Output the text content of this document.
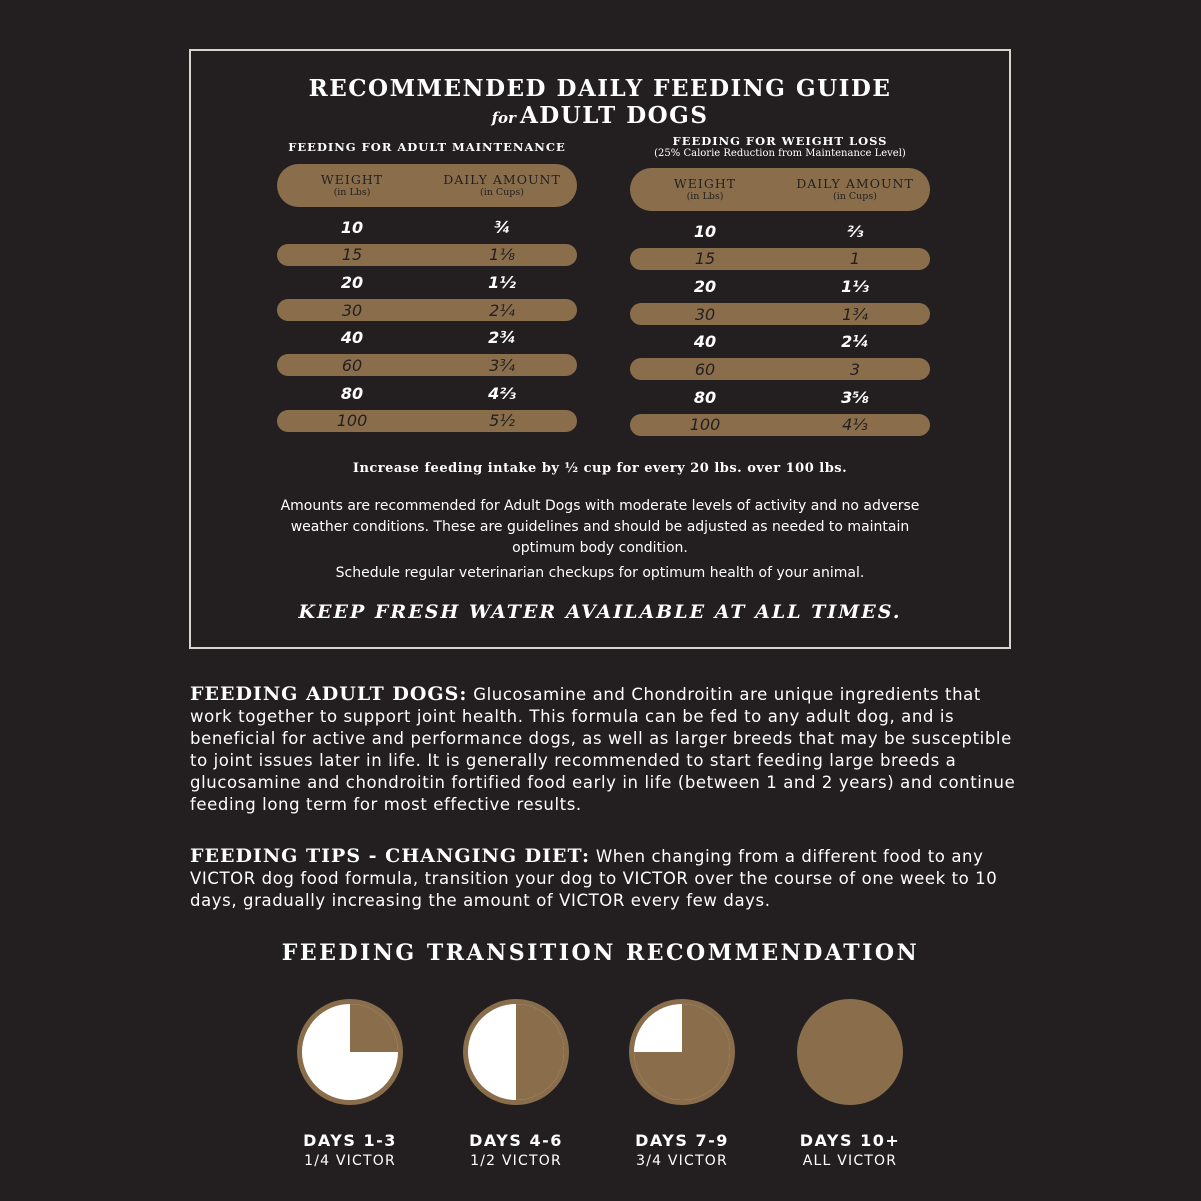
RECOMMENDED DAILY FEEDING GUIDE
for ADULT DOGS
FEEDING FOR ADULT MAINTENANCE
WEIGHT
(in Lbs)
DAILY AMOUNT
(in Cups)
10	¾
15	1⅛
20	1½
30	2¼
40	2¾
60	3¾
80	4⅔
100	5½
FEEDING FOR WEIGHT LOSS
(25% Calorie Reduction from Maintenance Level)
WEIGHT
(in Lbs)
DAILY AMOUNT
(in Cups)
10	⅔
15	1
20	1⅓
30	1¾
40	2¼
60	3
80	3⅝
100	4⅓
Increase feeding intake by ½ cup for every 20 lbs. over 100 lbs.

Amounts are recommended for Adult Dogs with moderate levels of activity and no adverse weather conditions. These are guidelines and should be adjusted as needed to maintain optimum body condition.

Schedule regular veterinarian checkups for optimum health of your animal.
KEEP FRESH WATER AVAILABLE AT ALL TIMES.
FEEDING ADULT DOGS: Glucosamine and Chondroitin are unique ingredients that work together to support joint health. This formula can be fed to any adult dog, and is beneficial for active and performance dogs, as well as larger breeds that may be susceptible to joint issues later in life. It is generally recommended to start feeding large breeds a glucosamine and chondroitin fortified food early in life (between 1 and 2 years) and continue feeding long term for most effective results.
FEEDING TIPS - CHANGING DIET: When changing from a different food to any VICTOR dog food formula, transition your dog to VICTOR over the course of one week to 10 days, gradually increasing the amount of VICTOR every few days.
FEEDING TRANSITION RECOMMENDATION
DAYS 1-3
1/4 VICTOR
DAYS 4-6
1/2 VICTOR
DAYS 7-9
3/4 VICTOR
DAYS 10+
ALL VICTOR
